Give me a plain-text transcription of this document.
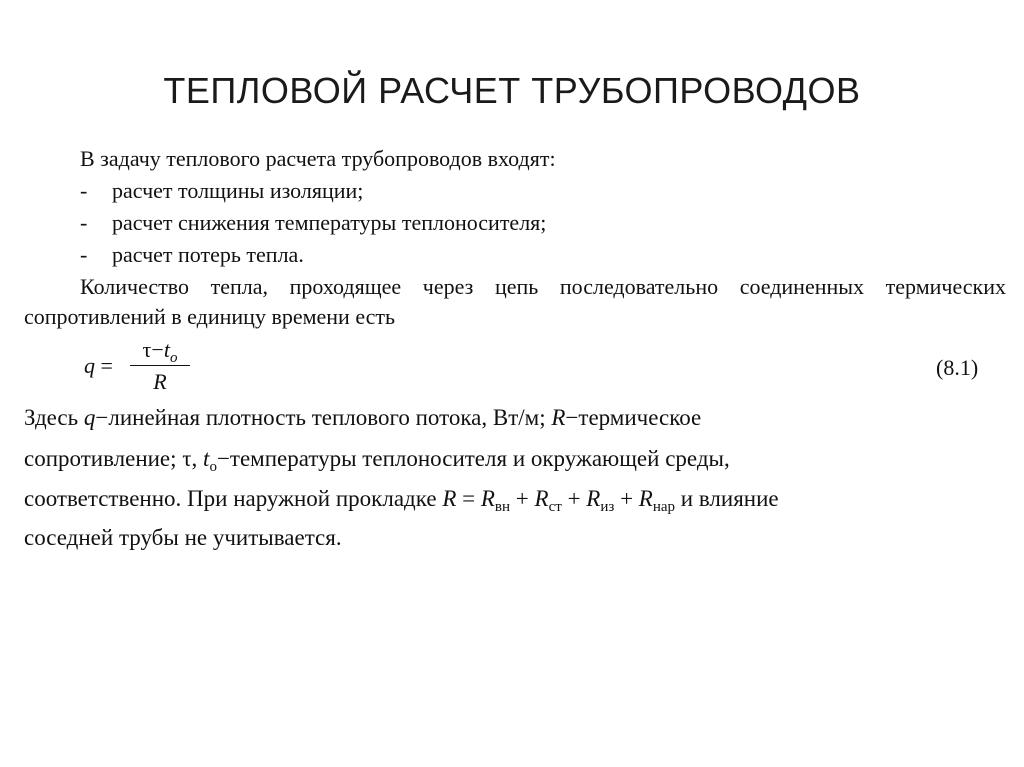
ТЕПЛОВОЙ РАСЧЕТ ТРУБОПРОВОДОВ
В задачу теплового расчета трубопроводов входят:
- расчет толщины изоляции;
- расчет снижения температуры теплоносителя;
- расчет потерь тепла.
Количество тепла, проходящее через цепь последовательно соединенных термических сопротивлений в единицу времени есть
q =
$\tau-t_o$
R
(8.1)
Здесь q−линейная плотность теплового потока, Вт/м; R−термическое
сопротивление; τ, $t_o-температуры$ теплоносителя и окружающей среды,
соответственно. При наружной прокладке $R = R_{вн} + R_{ст} + R_{из} + R_{нар}$ и влияние
соседней трубы не учитывается.
